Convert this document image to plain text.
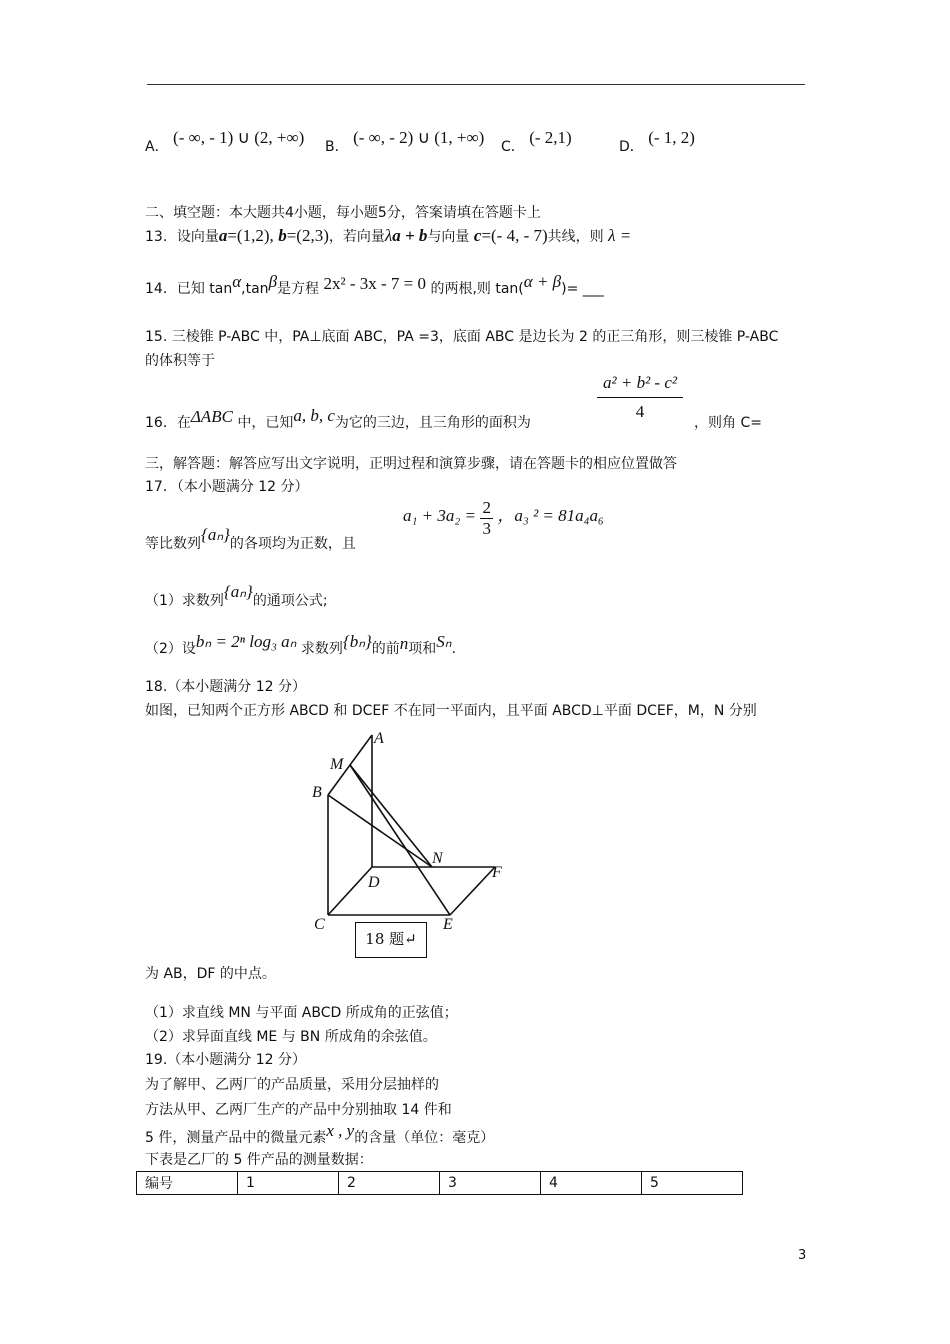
A． (- ∞, - 1) ∪ (2, +∞) B． (- ∞, - 2) ∪ (1, +∞) C． (- 2,1)	D． (- 1, 2)
二、填空题：本大题共4小题，每小题5分，答案请填在答题卡上
13．设向量a=(1,2), b=(2,3)，若向量λa + b与向量 c=(- 4, - 7)共线，则 λ =
14．已知 tanα,tanβ是方程 2x² - 3x - 7 = 0 的两根,则 tan(α + β)= ___
15. 三棱锥 P-ABC 中，PA⊥底面 ABC，PA =3，底面 ABC 是边长为 2 的正三角形，则三棱锥 P-ABC
的体积等于
16．在ΔABC 中，已知a, b, c为它的三边，且三角形的面积为
$\frac{\text{a² + b² - c²}}{4}$
，则角 C=
三，解答题：解答应写出文字说明，正明过程和演算步骤，请在答题卡的相应位置做答
17．（本小题满分 12 分）
等比数列{aₙ}的各项均为正数，且
$a_1 + 3a_2 = \frac{2}{3}$ ，a₃ ² = 81a₄a₆
（1）求数列{aₙ}的通项公式;
（2）设bₙ = 2ⁿ log₃ aₙ 求数列{bₙ}的前n项和Sₙ.
18.（本小题满分 12 分）
如图，已知两个正方形 ABCD 和 DCEF 不在同一平面内，且平面 ABCD⊥平面 DCEF，M，N 分别
A
M
B
N
D
F
C	E
18 题↵
为 AB，DF 的中点。
（1）求直线 MN 与平面 ABCD 所成角的正弦值；
（2）求异面直线 ME 与 BN 所成角的余弦值。
19.（本小题满分 12 分）
为了解甲、乙两厂的产品质量，采用分层抽样的
方法从甲、乙两厂生产的产品中分别抽取 14 件和
5 件，测量产品中的微量元素x , y的含量（单位：毫克）
下表是乙厂的 5 件产品的测量数据：
编号	1	2	3	4	5
3
